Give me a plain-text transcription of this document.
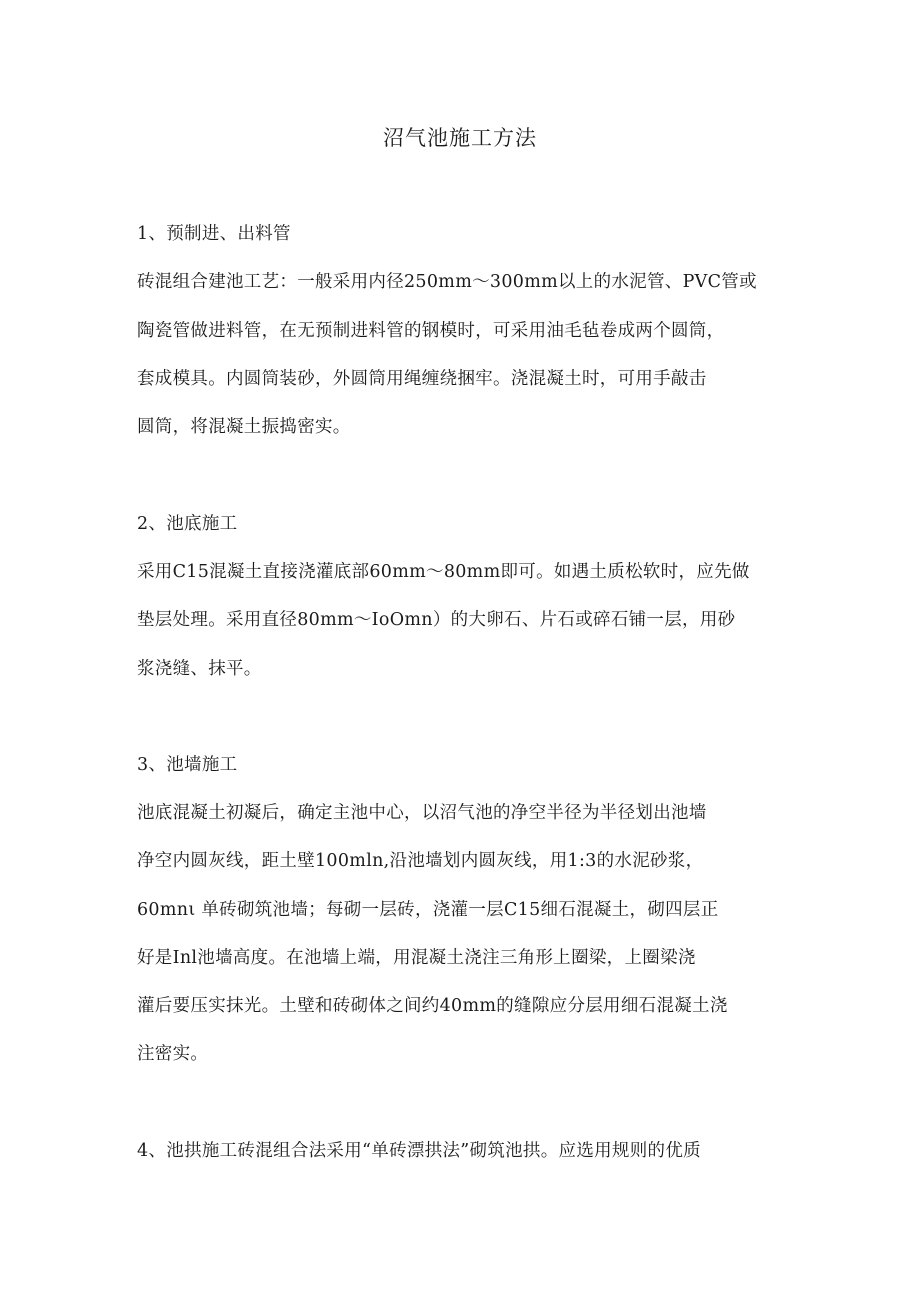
沼气池施工方法
1、预制进、出料管
砖混组合建池工艺：一般采用内径250mm～300mm以上的水泥管、PVC管或
陶瓷管做进料管，在无预制进料管的钢模时，可采用油毛毡卷成两个圆筒，
套成模具。内圆筒装砂，外圆筒用绳缠绕捆牢。浇混凝土时，可用手敲击
圆筒，将混凝土振捣密实。
2、池底施工
采用C15混凝土直接浇灌底部60mm～80mm即可。如遇土质松软时，应先做
垫层处理。采用直径80mm～IoOmn）的大卵石、片石或碎石铺一层，用砂
浆浇缝、抹平。
3、池墙施工
池底混凝土初凝后，确定主池中心，以沼气池的净空半径为半径划出池墙
净空内圆灰线，距土壁100mln,沿池墙划内圆灰线，用1:3的水泥砂浆，
60mnι 单砖砌筑池墙；每砌一层砖，浇灌一层C15细石混凝土，砌四层正
好是Inl池墙高度。在池墙上端，用混凝土浇注三角形上圈梁，上圈梁浇
灌后要压实抹光。土壁和砖砌体之间约40mm的缝隙应分层用细石混凝土浇
注密实。
4、池拱施工砖混组合法采用“单砖漂拱法”砌筑池拱。应选用规则的优质
